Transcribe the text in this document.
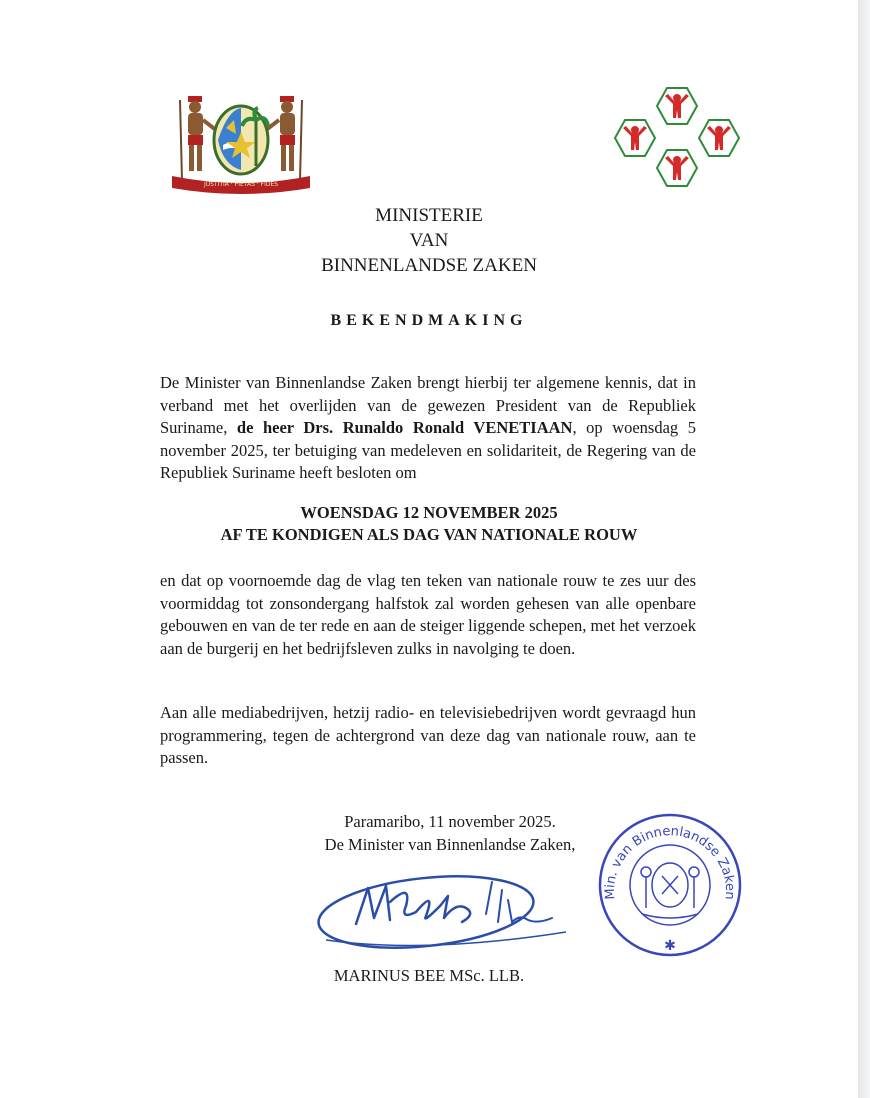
JUSTITIA · PIETAS · FIDES
MINISTERIE
VAN
BINNENLANDSE ZAKEN
BEKENDMAKING
De Minister van Binnenlandse Zaken brengt hierbij ter algemene kennis, dat in verband met het overlijden van de gewezen President van de Republiek Suriname, de heer Drs. Runaldo Ronald VENETIAAN, op woensdag 5 november 2025, ter betuiging van medeleven en solidariteit, de Regering van de Republiek Suriname heeft besloten om
WOENSDAG 12 NOVEMBER 2025
AF TE KONDIGEN ALS DAG VAN NATIONALE ROUW
en dat op voornoemde dag de vlag ten teken van nationale rouw te zes uur des voormiddag tot zonsondergang halfstok zal worden gehesen van alle openbare gebouwen en van de ter rede en aan de steiger liggende schepen, met het verzoek aan de burgerij en het bedrijfsleven zulks in navolging te doen.
Aan alle mediabedrijven, hetzij radio- en televisiebedrijven wordt gevraagd hun programmering, tegen de achtergrond van deze dag van nationale rouw, aan te passen.
Paramaribo, 11 november 2025.
De Minister van Binnenlandse Zaken,
Min. van Binnenlandse Zaken
✱
MARINUS BEE MSc. LLB.
